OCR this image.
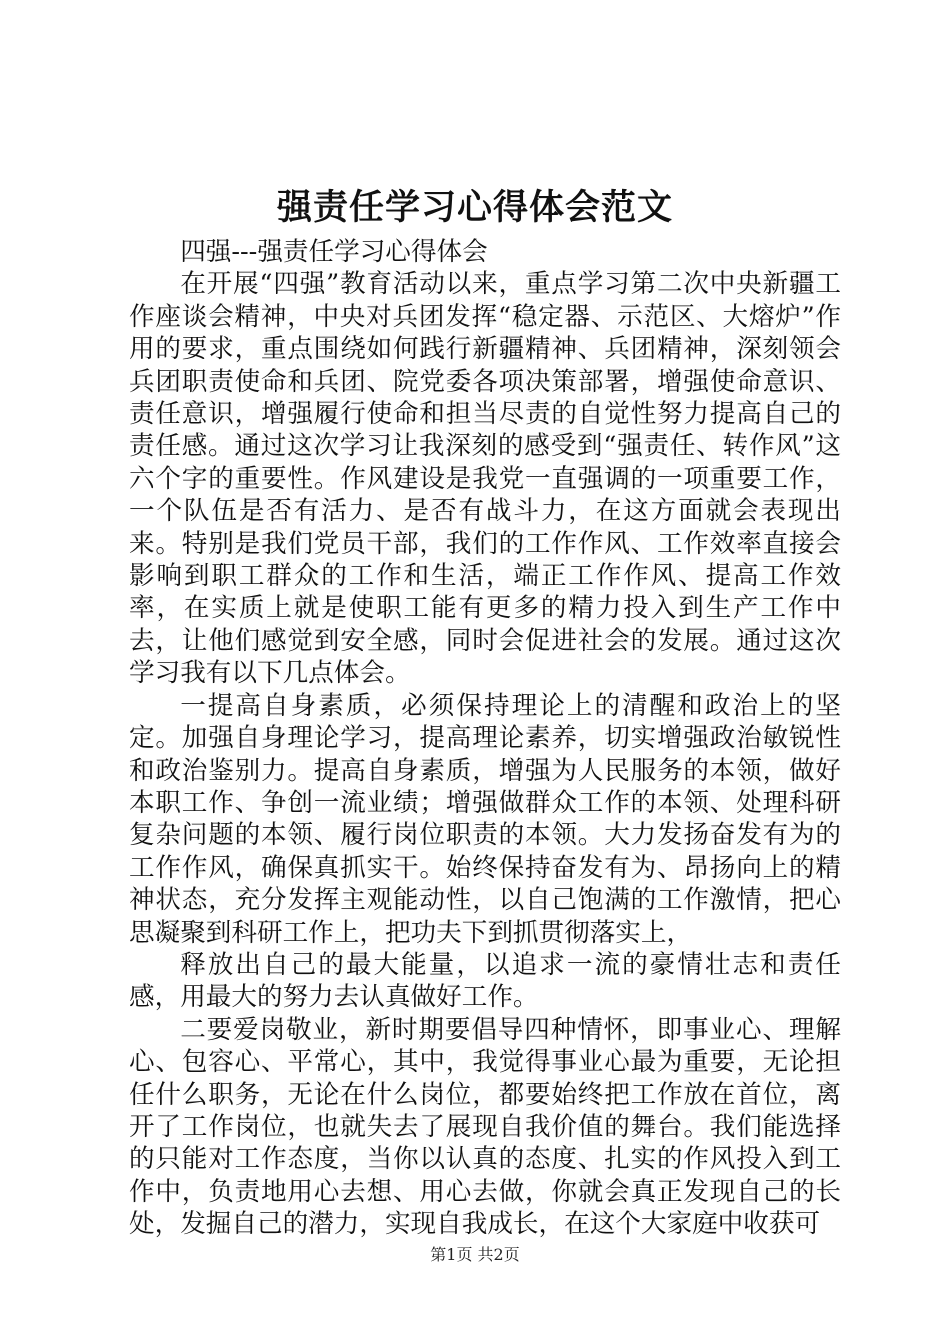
强责任学习心得体会范文

四强---强责任学习心得体会

在开展“四强”教育活动以来，重点学习第二次中央新疆工作座谈会精神，中央对兵团发挥“稳定器、示范区、大熔炉”作用的要求，重点围绕如何践行新疆精神、兵团精神，深刻领会兵团职责使命和兵团、院党委各项决策部署，增强使命意识、责任意识，增强履行使命和担当尽责的自觉性努力提高自己的责任感。通过这次学习让我深刻的感受到“强责任、转作风”这六个字的重要性。作风建设是我党一直强调的一项重要工作，一个队伍是否有活力、是否有战斗力，在这方面就会表现出来。特别是我们党员干部，我们的工作作风、工作效率直接会影响到职工群众的工作和生活，端正工作作风、提高工作效率，在实质上就是使职工能有更多的精力投入到生产工作中去，让他们感觉到安全感，同时会促进社会的发展。通过这次学习我有以下几点体会。

一提高自身素质，必须保持理论上的清醒和政治上的坚定。加强自身理论学习，提高理论素养，切实增强政治敏锐性和政治鉴别力。提高自身素质，增强为人民服务的本领，做好本职工作、争创一流业绩；增强做群众工作的本领、处理科研复杂问题的本领、履行岗位职责的本领。大力发扬奋发有为的工作作风，确保真抓实干。始终保持奋发有为、昂扬向上的精神状态，充分发挥主观能动性，以自己饱满的工作激情，把心思凝聚到科研工作上，把功夫下到抓贯彻落实上，

释放出自己的最大能量，以追求一流的豪情壮志和责任感，用最大的努力去认真做好工作。

二要爱岗敬业，新时期要倡导四种情怀，即事业心、理解心、包容心、平常心，其中，我觉得事业心最为重要，无论担任什么职务，无论在什么岗位，都要始终把工作放在首位，离开了工作岗位，也就失去了展现自我价值的舞台。我们能选择的只能对工作态度，当你以认真的态度、扎实的作风投入到工作中，负责地用心去想、用心去做，你就会真正发现自己的长处，发掘自己的潜力，实现自我成长，在这个大家庭中收获可

第1页 共2页
